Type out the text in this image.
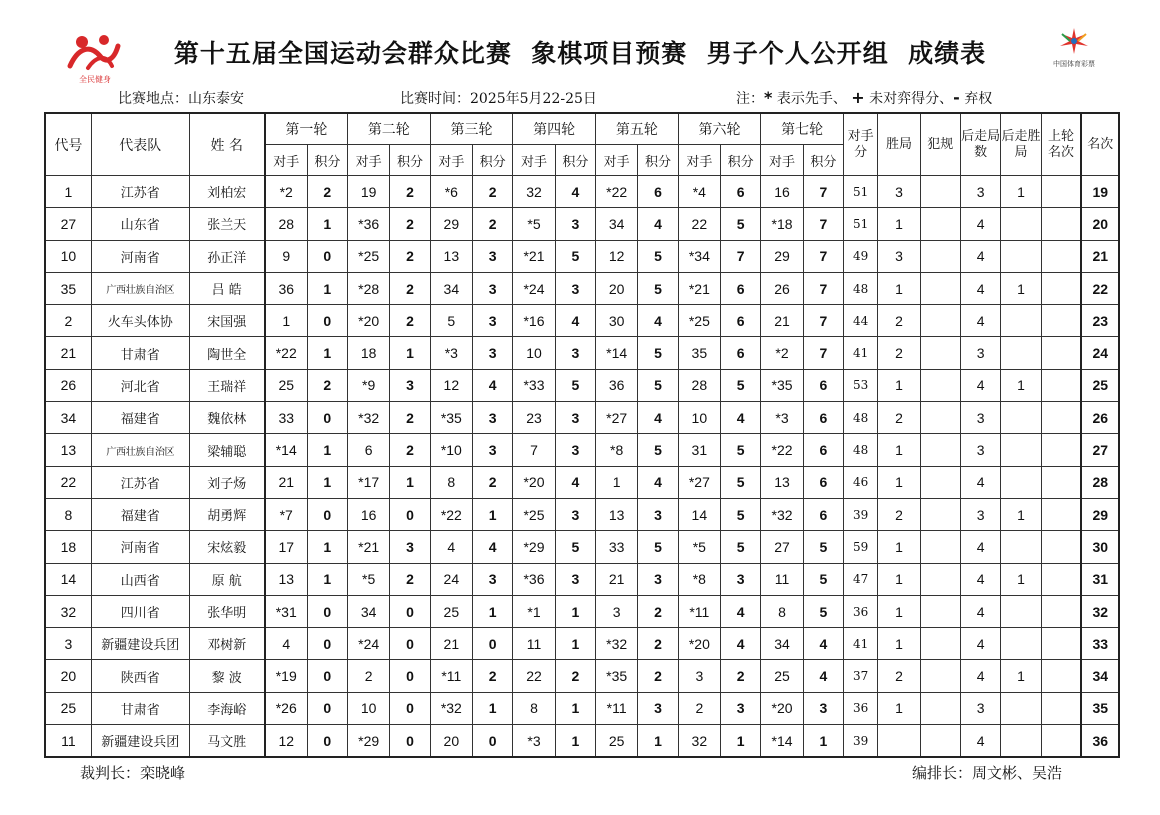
全民健身
第十五届全国运动会群众比赛  象棋项目预赛  男子个人公开组  成绩表	中国体育彩票
比赛地点：山东泰安	比赛时间：2025年5月22-25日	注：* 表示先手、 + 未对弈得分、- 弃权
代号	代表队	姓 名	第一轮		第二轮		第三轮		第四轮		第五轮		第六轮		第七轮		对手分	胜局	犯规	后走局数	后走胜局	上轮名次	名次
			对手	积分	对手	积分	对手	积分	对手	积分	对手	积分	对手	积分	对手	积分							
1	江苏省	刘柏宏	*2	2	19	2	*6	2	32	4	*22	6	*4	6	16	7	51	3		3	1		19
27	山东省	张兰天	28	1	*36	2	29	2	*5	3	34	4	22	5	*18	7	51	1		4			20
10	河南省	孙正洋	9	0	*25	2	13	3	*21	5	12	5	*34	7	29	7	49	3		4			21
35	广西壮族自治区	吕 皓	36	1	*28	2	34	3	*24	3	20	5	*21	6	26	7	48	1		4	1		22
2	火车头体协	宋国强	1	0	*20	2	5	3	*16	4	30	4	*25	6	21	7	44	2		4			23
21	甘肃省	陶世全	*22	1	18	1	*3	3	10	3	*14	5	35	6	*2	7	41	2		3			24
26	河北省	王瑞祥	25	2	*9	3	12	4	*33	5	36	5	28	5	*35	6	53	1		4	1		25
34	福建省	魏依林	33	0	*32	2	*35	3	23	3	*27	4	10	4	*3	6	48	2		3			26
13	广西壮族自治区	梁辅聪	*14	1	6	2	*10	3	7	3	*8	5	31	5	*22	6	48	1		3			27
22	江苏省	刘子炀	21	1	*17	1	8	2	*20	4	1	4	*27	5	13	6	46	1		4			28
8	福建省	胡勇辉	*7	0	16	0	*22	1	*25	3	13	3	14	5	*32	6	39	2		3	1		29
18	河南省	宋炫毅	17	1	*21	3	4	4	*29	5	33	5	*5	5	27	5	59	1		4			30
14	山西省	原 航	13	1	*5	2	24	3	*36	3	21	3	*8	3	11	5	47	1		4	1		31
32	四川省	张华明	*31	0	34	0	25	1	*1	1	3	2	*11	4	8	5	36	1		4			32
3	新疆建设兵团	邓树新	4	0	*24	0	21	0	11	1	*32	2	*20	4	34	4	41	1		4			33
20	陕西省	黎 波	*19	0	2	0	*11	2	22	2	*35	2	3	2	25	4	37	2		4	1		34
25	甘肃省	李海峪	*26	0	10	0	*32	1	8	1	*11	3	2	3	*20	3	36	1		3			35
11	新疆建设兵团	马文胜	12	0	*29	0	20	0	*3	1	25	1	32	1	*14	1	39			4			36
裁判长：栾晓峰	编排长：周文彬、吴浩
